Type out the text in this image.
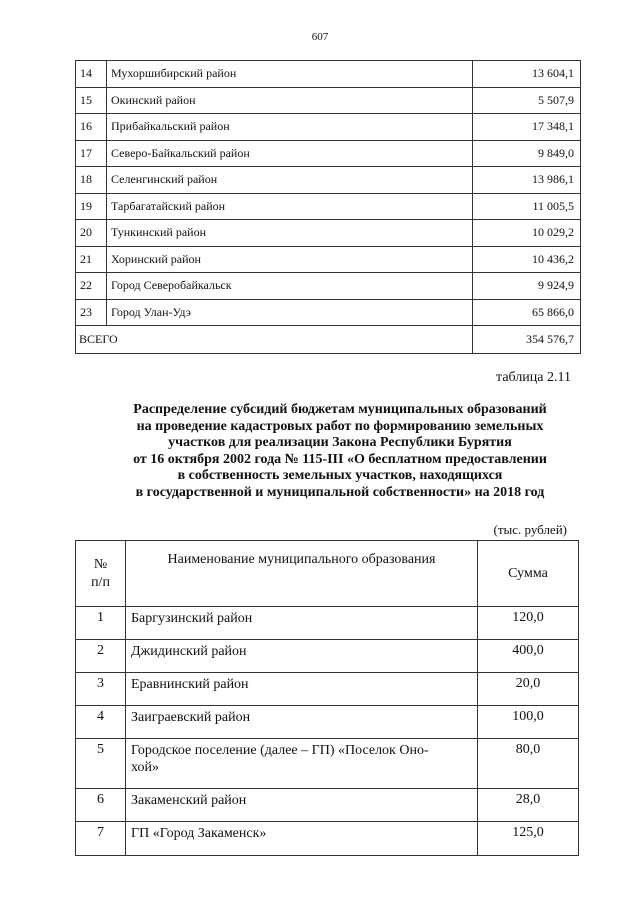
607
14	Мухоршибирский район	13 604,1
15	Окинский район	5 507,9
16	Прибайкальский район	17 348,1
17	Северо-Байкальский район	9 849,0
18	Селенгинский район	13 986,1
19	Тарбагатайский район	11 005,5
20	Тункинский район	10 029,2
21	Хоринский район	10 436,2
22	Город Северобайкальск	9 924,9
23	Город Улан-Удэ	65 866,0
ВСЕГО		354 576,7
таблица 2.11
Распределение субсидий бюджетам муниципальных образований
на проведение кадастровых работ по формированию земельных
участков для реализации Закона Республики Бурятия
от 16 октября 2002 года № 115-III «О бесплатном предоставлении
в собственность земельных участков, находящихся
в государственной и муниципальной собственности» на 2018 год
(тыс. рублей)
№
п/п	Наименование муниципального образования	Сумма
1	Баргузинский район	120,0
2	Джидинский район	400,0
3	Еравнинский район	20,0
4	Заиграевский район	100,0
5	Городское поселение (далее – ГП) «Поселок Оно-
хой»	80,0
6	Закаменский район	28,0
7	ГП «Город Закаменск»	125,0
